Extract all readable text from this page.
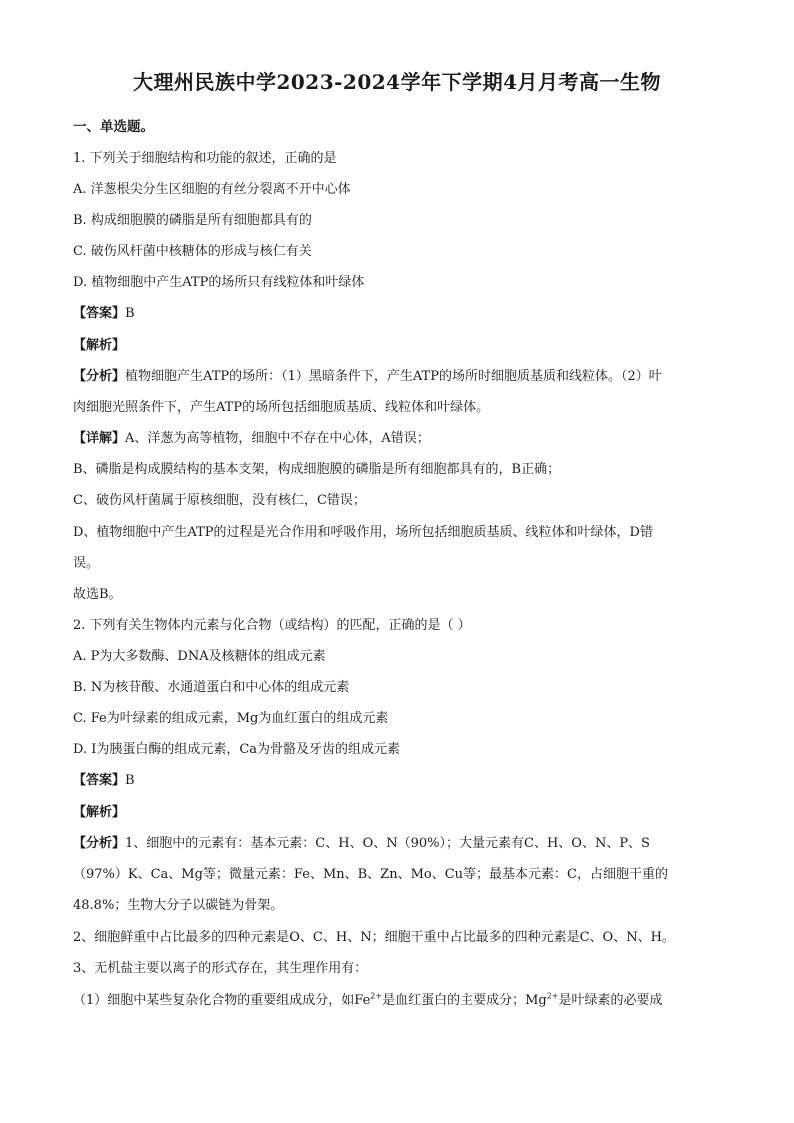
大理州民族中学2023-2024学年下学期4月月考高一生物
一、单选题。
1. 下列关于细胞结构和功能的叙述，正确的是
A. 洋葱根尖分生区细胞的有丝分裂离不开中心体
B. 构成细胞膜的磷脂是所有细胞都具有的
C. 破伤风杆菌中核糖体的形成与核仁有关
D. 植物细胞中产生ATP的场所只有线粒体和叶绿体
【答案】B
【解析】
【分析】植物细胞产生ATP的场所：（1）黑暗条件下，产生ATP的场所时细胞质基质和线粒体。（2）叶
肉细胞光照条件下，产生ATP的场所包括细胞质基质、线粒体和叶绿体。
【详解】A、洋葱为高等植物，细胞中不存在中心体，A错误；
B、磷脂是构成膜结构的基本支架，构成细胞膜的磷脂是所有细胞都具有的，B正确；
C、破伤风杆菌属于原核细胞，没有核仁，C错误；
D、植物细胞中产生ATP的过程是光合作用和呼吸作用，场所包括细胞质基质、线粒体和叶绿体，D错
误。
故选B。
2. 下列有关生物体内元素与化合物（或结构）的匹配，正确的是（ ）
A. P为大多数酶、DNA及核糖体的组成元素
B. N为核苷酸、水通道蛋白和中心体的组成元素
C. Fe为叶绿素的组成元素，Mg为血红蛋白的组成元素
D. I为胰蛋白酶的组成元素，Ca为骨骼及牙齿的组成元素
【答案】B
【解析】
【分析】1、细胞中的元素有：基本元素：C、H、O、N（90%）；大量元素有C、H、O、N、P、S
（97%）K、Ca、Mg等；微量元素：Fe、Mn、B、Zn、Mo、Cu等；最基本元素：C，占细胞干重的
48.8%；生物大分子以碳链为骨架。
2、细胞鲜重中占比最多的四种元素是O、C、H、N；细胞干重中占比最多的四种元素是C、O、N、H。
3、无机盐主要以离子的形式存在，其生理作用有：
（1）细胞中某些复杂化合物的重要组成成分，如$Fe^{2+}$是血红蛋白的主要成分；$Mg^{2+}$是叶绿素的必要成
